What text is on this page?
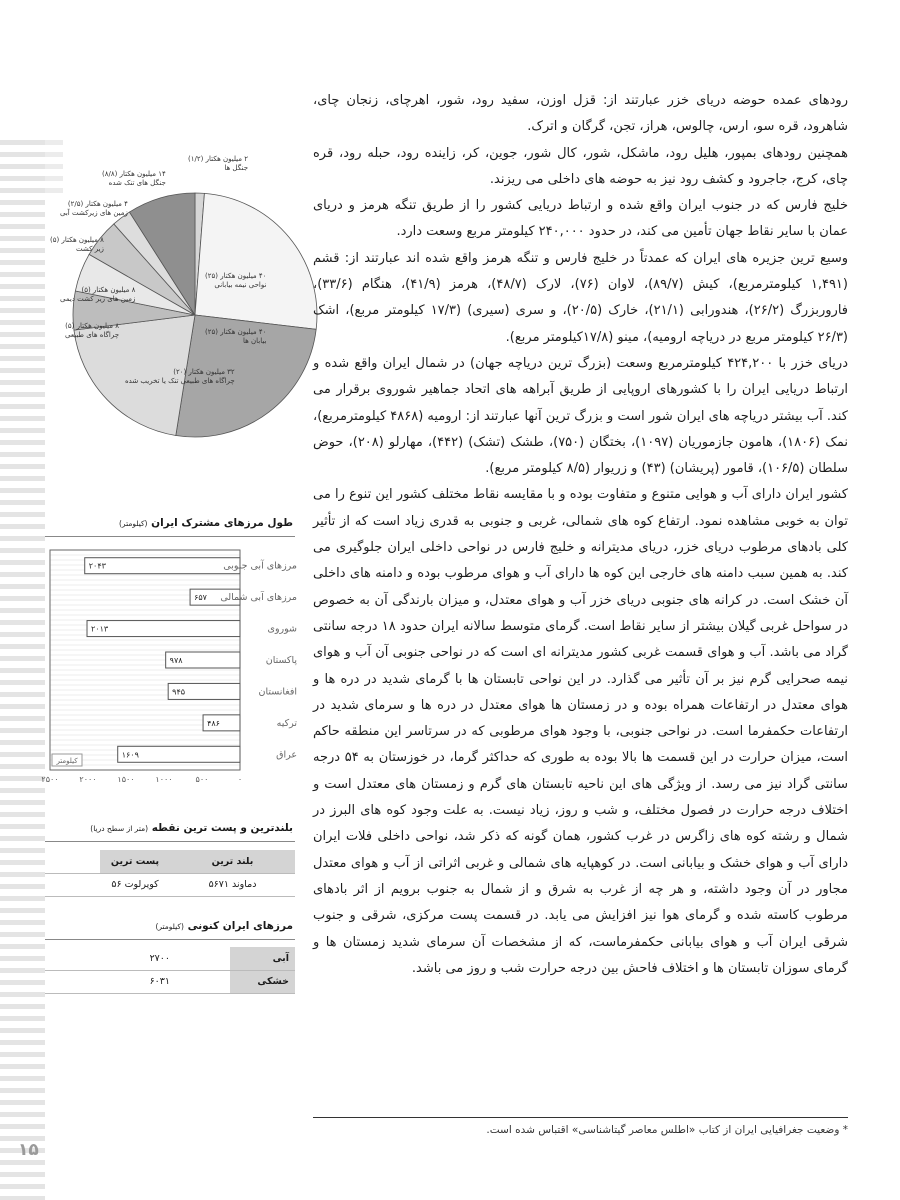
۲ میلیون هکتار (۱/۲)
جنگل ها
۴۰ میلیون هکتار (۲۵)
نواحی نیمه بیابانی
۴۰ میلیون هکتار (۲۵)
بیابان ها
۳۲ میلیون هکتار (۲۰)
چراگاه های طبیعی تنک یا تخریب شده
۸ میلیون هکتار (۵)
چراگاه های طبیعی
۸ میلیون هکتار (۵)
زمین های زیر کشت دیمی
۸ میلیون هکتار (۵)
زیر کشت
۴ میلیون هکتار (۲/۵)
زمین های زیرکشت آبی
۱۴ میلیون هکتار (۸/۸)
جنگل های تنک شده
طول مرزهای مشترک ایران (کیلومتر)
۲۰۴۳	مرزهای آبی جنوبی
۶۵۷ مرزهای آبی شمالی
۲۰۱۳	شوروی
۹۷۸	پاکستان
۹۴۵	افغانستان
۴۸۶	ترکیه
۱۶۰۹	عراق
کیلومتر
۲۵۰۰	۲۰۰۰	۱۵۰۰	۱۰۰۰	۵۰۰	۰
بلندترین و پست ترین نقطه (متر از سطح دریا)
بلند ترین	پست ترین	
دماوند ۵۶۷۱	کویرلوت ۵۶	
مرزهای ایران کنونی (کیلومتر)
آبی	۲۷۰۰
خشکی	۶۰۳۱

رودهای عمده حوضه دریای خزر عبارتند از: قزل اوزن، سفید رود، شور، اهرچای، زنجان چای، شاهرود، قره سو، ارس، چالوس، هراز، تجن، گرگان و اترک.

همچنین رودهای بمپور، هلیل رود، ماشکل، شور، کال شور، جوین، کر، زاینده رود، حبله رود، قره چای، کرج، جاجرود و کشف رود نیز به حوضه های داخلی می ریزند.

خلیج فارس که در جنوب ایران واقع شده و ارتباط دریایی کشور را از طریق تنگه هرمز و دریای عمان با سایر نقاط جهان تأمین می کند، در حدود ۲۴۰,۰۰۰ کیلومتر مربع وسعت دارد.

وسیع ترین جزیره های ایران که عمدتاً در خلیج فارس و تنگه هرمز واقع شده اند عبارتند از: قشم (۱,۴۹۱ کیلومترمربع)، کیش (۸۹/۷)، لاوان (۷۶)، لارک (۴۸/۷)، هرمز (۴۱/۹)، هنگام (۳۳/۶)، فاروربزرگ (۲۶/۲)، هندورابی (۲۱/۱)، خارک (۲۰/۵)، و سری (سیری) (۱۷/۳ کیلومتر مربع)، اشک (۲۶/۳ کیلومتر مربع در دریاچه ارومیه)، مینو (۱۷/۸کیلومتر مربع).

دریای خزر با ۴۲۴,۲۰۰ کیلومترمربع وسعت (بزرگ ترین دریاچه جهان) در شمال ایران واقع شده و ارتباط دریایی ایران را با کشورهای اروپایی از طریق آبراهه های اتحاد جماهیر شوروی برقرار می کند. آب بیشتر دریاچه های ایران شور است و بزرگ ترین آنها عبارتند از: ارومیه (۴۸۶۸ کیلومترمربع)، نمک (۱۸۰۶)، هامون جازموریان (۱۰۹۷)، بختگان (۷۵۰)، طشک (تشک) (۴۴۲)، مهارلو (۲۰۸)، حوض سلطان (۱۰۶/۵)، قامور (پریشان) (۴۳) و زریوار (۸/۵ کیلومتر مربع).

کشور ایران دارای آب و هوایی متنوع و متفاوت بوده و با مقایسه نقاط مختلف کشور این تنوع را می توان به خوبی مشاهده نمود. ارتفاع کوه های شمالی، غربی و جنوبی به قدری زیاد است که از تأثیر کلی بادهای مرطوب دریای خزر، دریای مدیترانه و خلیج فارس در نواحی داخلی ایران جلوگیری می کند. به همین سبب دامنه های خارجی این کوه ها دارای آب و هوای مرطوب بوده و دامنه های داخلی آن خشک است. در کرانه های جنوبی دریای خزر آب و هوای معتدل، و میزان بارندگی آن به خصوص در سواحل غربی گیلان بیشتر از سایر نقاط است. گرمای متوسط سالانه ایران حدود ۱۸ درجه سانتی گراد می باشد. آب و هوای قسمت غربی کشور مدیترانه ای است که در نواحی جنوبی آن آب و هوای نیمه صحرایی گرم نیز بر آن تأثیر می گذارد. در این نواحی تابستان ها با گرمای شدید در دره ها و هوای معتدل در ارتفاعات همراه بوده و در زمستان ها هوای معتدل در دره ها و سرمای شدید در ارتفاعات حکمفرما است. در نواحی جنوبی، با وجود هوای مرطوبی که در سرتاسر این منطقه حاکم است، میزان حرارت در این قسمت ها بالا بوده به طوری که حداکثر گرما، در خوزستان به ۵۴ درجه سانتی گراد نیز می رسد. از ویژگی های این ناحیه تابستان های گرم و زمستان های معتدل است و اختلاف درجه حرارت در فصول مختلف، و شب و روز، زیاد نیست. به علت وجود کوه های البرز در شمال و رشته کوه های زاگرس در غرب کشور، همان گونه که ذکر شد، نواحی داخلی فلات ایران دارای آب و هوای خشک و بیابانی است. در کوهپایه های شمالی و غربی اثراتی از آب و هوای معتدل مجاور در آن وجود داشته، و هر چه از غرب به شرق و از شمال به جنوب برویم از اثر بادهای مرطوب کاسته شده و گرمای هوا نیز افزایش می یابد. در قسمت پست مرکزی، شرقی و جنوب شرقی ایران آب و هوای بیابانی حکمفرماست، که از مشخصات آن سرمای شدید زمستان ها و گرمای سوزان تابستان ها و اختلاف فاحش بین درجه حرارت شب و روز می باشد.

* وضعیت جغرافیایی ایران از کتاب «اطلس معاصر گیتاشناسی» اقتباس شده است.
۱۵
